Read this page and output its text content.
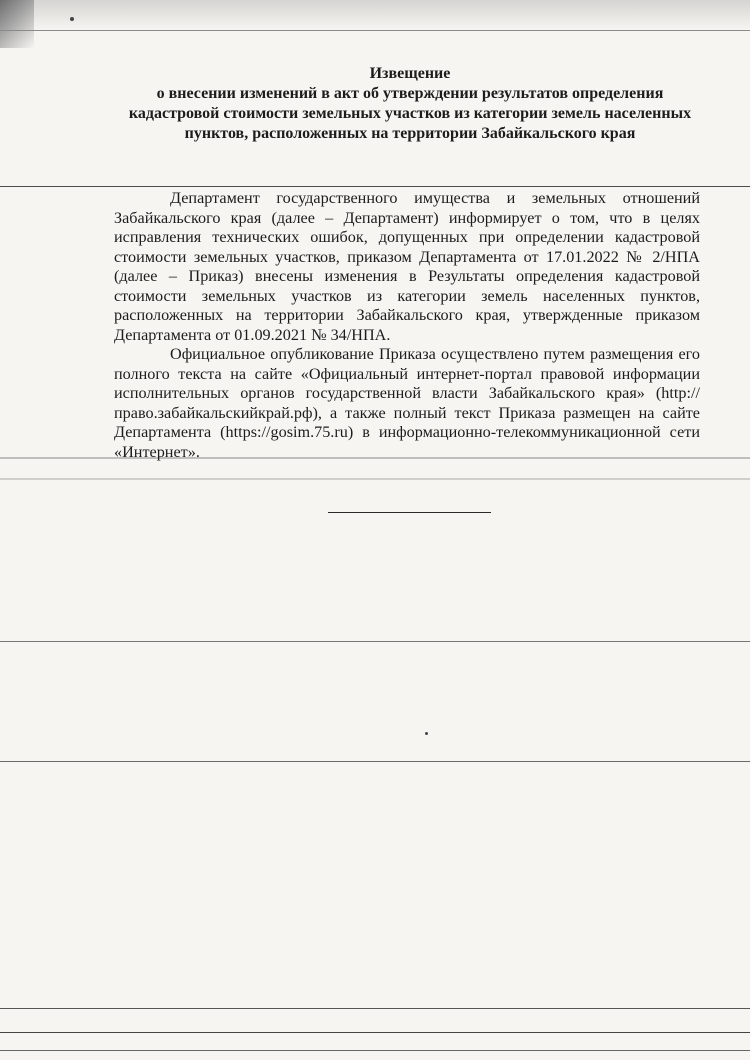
Извещение
о внесении изменений в акт об утверждении результатов определения кадастровой стоимости земельных участков из категории земель населенных пунктов, расположенных на территории Забайкальского края

Департамент государственного имущества и земельных отношений Забайкальского края (далее – Департамент) информирует о том, что в целях исправления технических ошибок, допущенных при определении кадастровой стоимости земельных участков, приказом Департамента от 17.01.2022 № 2/НПА (далее – Приказ) внесены изменения в Результаты определения кадастровой стоимости земельных участков из категории земель населенных пунктов, расположенных на территории Забайкальского края, утвержденные приказом Департамента от 01.09.2021 № 34/НПА.

Официальное опубликование Приказа осуществлено путем размещения его полного текста на сайте «Официальный интернет-портал правовой информации исполнительных органов государственной власти Забайкальского края» (http://право.забайкальскийкрай.рф), а также полный текст Приказа размещен на сайте Департамента (https://gosim.75.ru) в информационно-телекоммуникационной сети «Интернет».
